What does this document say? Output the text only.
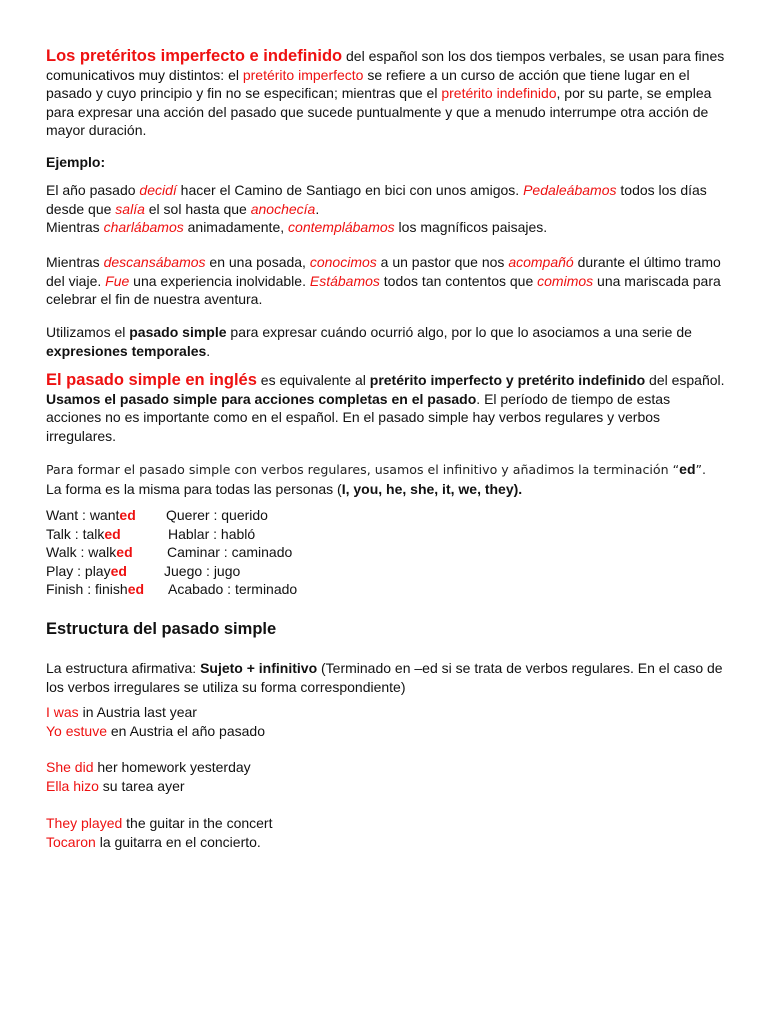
Los pretéritos imperfecto e indefinido del español son los dos tiempos verbales, se usan para fines comunicativos muy distintos: el pretérito imperfecto se refiere a un curso de acción que tiene lugar en el pasado y cuyo principio y fin no se especifican; mientras que el pretérito indefinido, por su parte, se emplea para expresar una acción del pasado que sucede puntualmente y que a menudo interrumpe otra acción de mayor duración.

Ejemplo:

El año pasado decidí hacer el Camino de Santiago en bici con unos amigos. Pedaleábamos todos los días desde que salía el sol hasta que anochecía.
Mientras charlábamos animadamente, contemplábamos los magníficos paisajes.

Mientras descansábamos en una posada, conocimos a un pastor que nos acompañó durante el último tramo del viaje. Fue una experiencia inolvidable. Estábamos todos tan contentos que comimos una mariscada para celebrar el fin de nuestra aventura.

Utilizamos el pasado simple para expresar cuándo ocurrió algo, por lo que lo asociamos a una serie de expresiones temporales.

El pasado simple en inglés es equivalente al pretérito imperfecto y pretérito indefinido del español. Usamos el pasado simple para acciones completas en el pasado. El período de tiempo de estas acciones no es importante como en el español. En el pasado simple hay verbos regulares y verbos irregulares.

Para formar el pasado simple con verbos regulares, usamos el infinitivo y añadimos la terminación “ed”.
La forma es la misma para todas las personas (I, you, he, she, it, we, they).

Want : wanted Querer : querido
Talk : talked	Hablar : habló
Walk : walked Caminar : caminado
Play : played	Juego : jugo
Finish : finished Acabado : terminado

Estructura del pasado simple

La estructura afirmativa: Sujeto + infinitivo (Terminado en –ed si se trata de verbos regulares. En el caso de los verbos irregulares se utiliza su forma correspondiente)

I was in Austria last year
Yo estuve en Austria el año pasado

She did her homework yesterday
Ella hizo su tarea ayer

They played the guitar in the concert
Tocaron la guitarra en el concierto.
